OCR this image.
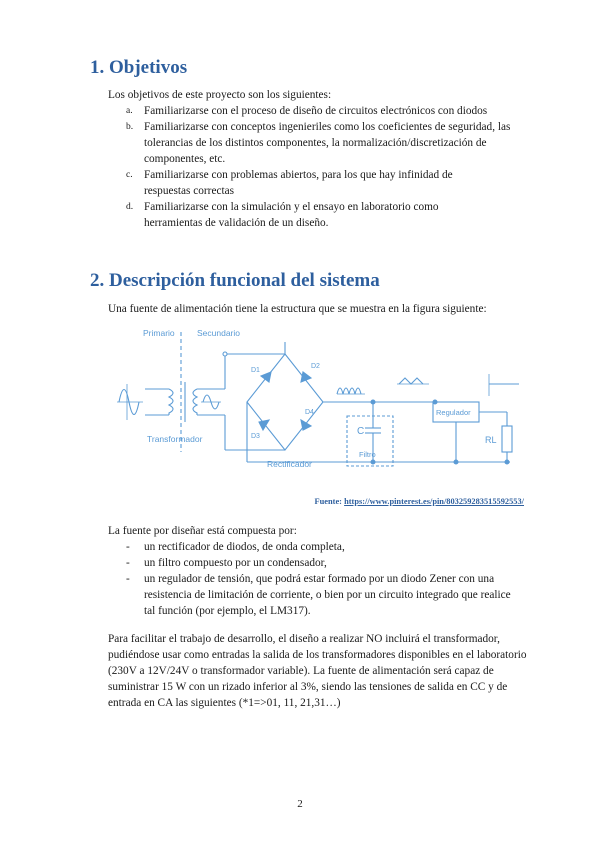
1. Objetivos

Los objetivos de este proyecto son los siguientes:

a. Familiarizarse con el proceso de diseño de circuitos electrónicos con diodos
b. Familiarizarse con conceptos ingenieriles como los coeficientes de seguridad, las tolerancias de los distintos componentes, la normalización/discretización de componentes, etc.
c. Familiarizarse con problemas abiertos, para los que hay infinidad de respuestas correctas
d. Familiarizarse con la simulación y el ensayo en laboratorio como herramientas de validación de un diseño.
2. Descripción funcional del sistema

Una fuente de alimentación tiene la estructura que se muestra en la figura siguiente:

Primario	Secundario
Transformador
Rectificador
Filtro
Regulador
C
RL
D1
D2
D3
D4
Fuente: https://www.pinterest.es/pin/803259283515592553/

La fuente por diseñar está compuesta por:

- un rectificador de diodos, de onda completa,
- un filtro compuesto por un condensador,
- un regulador de tensión, que podrá estar formado por un diodo Zener con una resistencia de limitación de corriente, o bien por un circuito integrado que realice tal función (por ejemplo, el LM317).

Para facilitar el trabajo de desarrollo, el diseño a realizar NO incluirá el transformador, pudiéndose usar como entradas la salida de los transformadores disponibles en el laboratorio (230V a 12V/24V o transformador variable). La fuente de alimentación será capaz de suministrar 15 W con un rizado inferior al 3%, siendo las tensiones de salida en CC y de entrada en CA las siguientes (*1=>01, 11, 21,31…)

2
